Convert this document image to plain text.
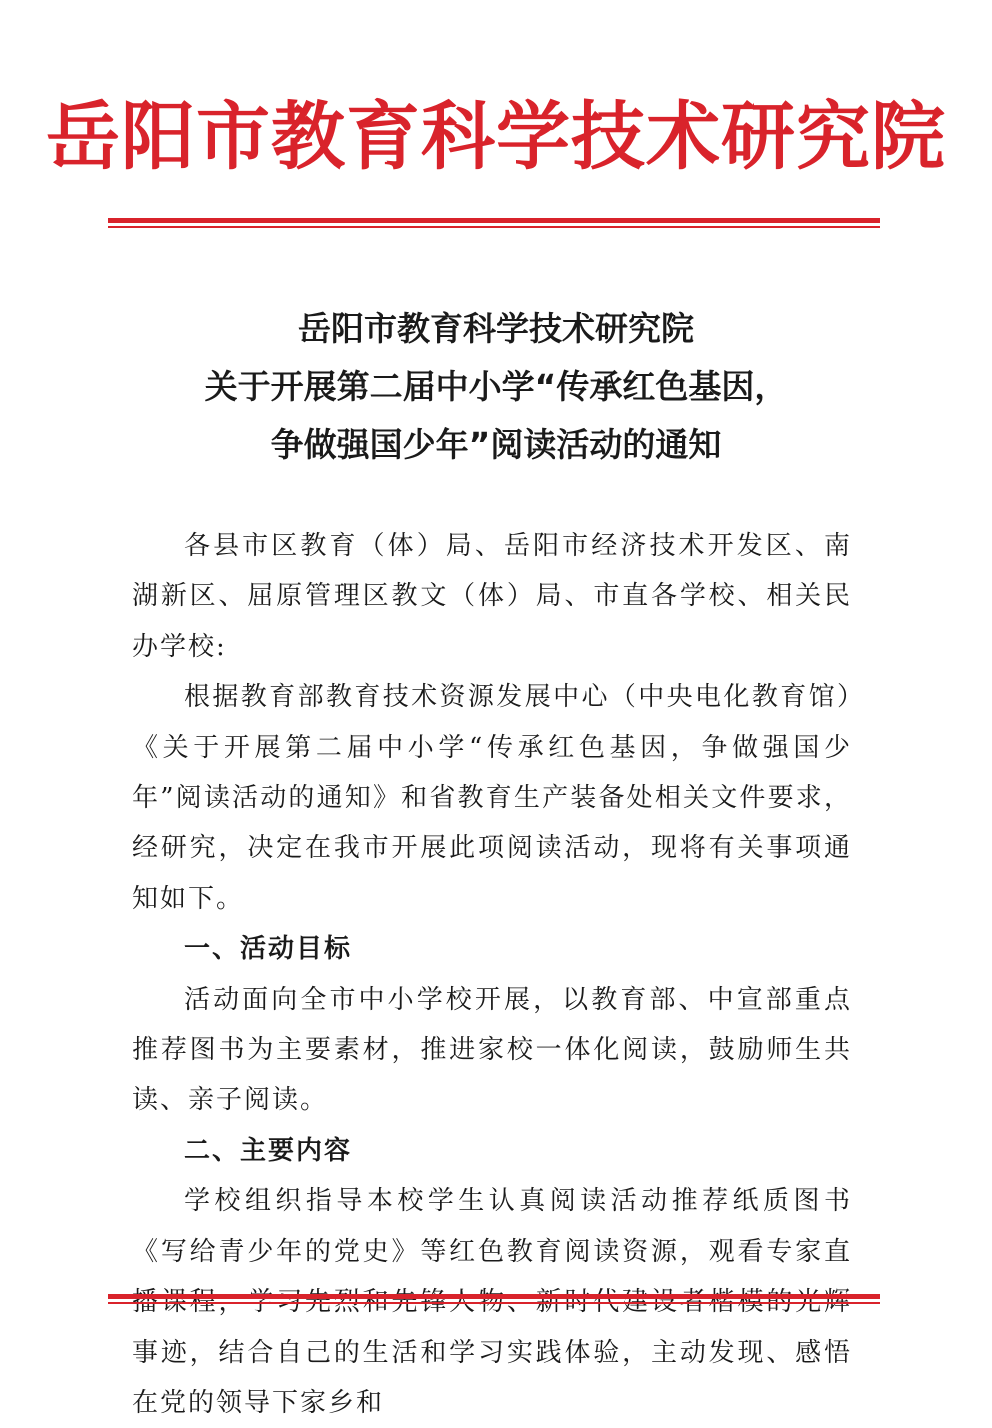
岳阳市教育科学技术研究院
岳阳市教育科学技术研究院
关于开展第二届中小学“传承红色基因，
争做强国少年”阅读活动的通知

各县市区教育（体）局、岳阳市经济技术开发区、南湖新区、屈原管理区教文（体）局、市直各学校、相关民办学校:

根据教育部教育技术资源发展中心（中央电化教育馆）《关于开展第二届中小学“传承红色基因，争做强国少年”阅读活动的通知》和省教育生产装备处相关文件要求，经研究，决定在我市开展此项阅读活动，现将有关事项通知如下。

一、活动目标

活动面向全市中小学校开展，以教育部、中宣部重点推荐图书为主要素材，推进家校一体化阅读，鼓励师生共读、亲子阅读。

二、主要内容

学校组织指导本校学生认真阅读活动推荐纸质图书《写给青少年的党史》等红色教育阅读资源，观看专家直 事迹，结合自己的生活和学习实践体验，主动发现、感悟在党的领导下家乡和
